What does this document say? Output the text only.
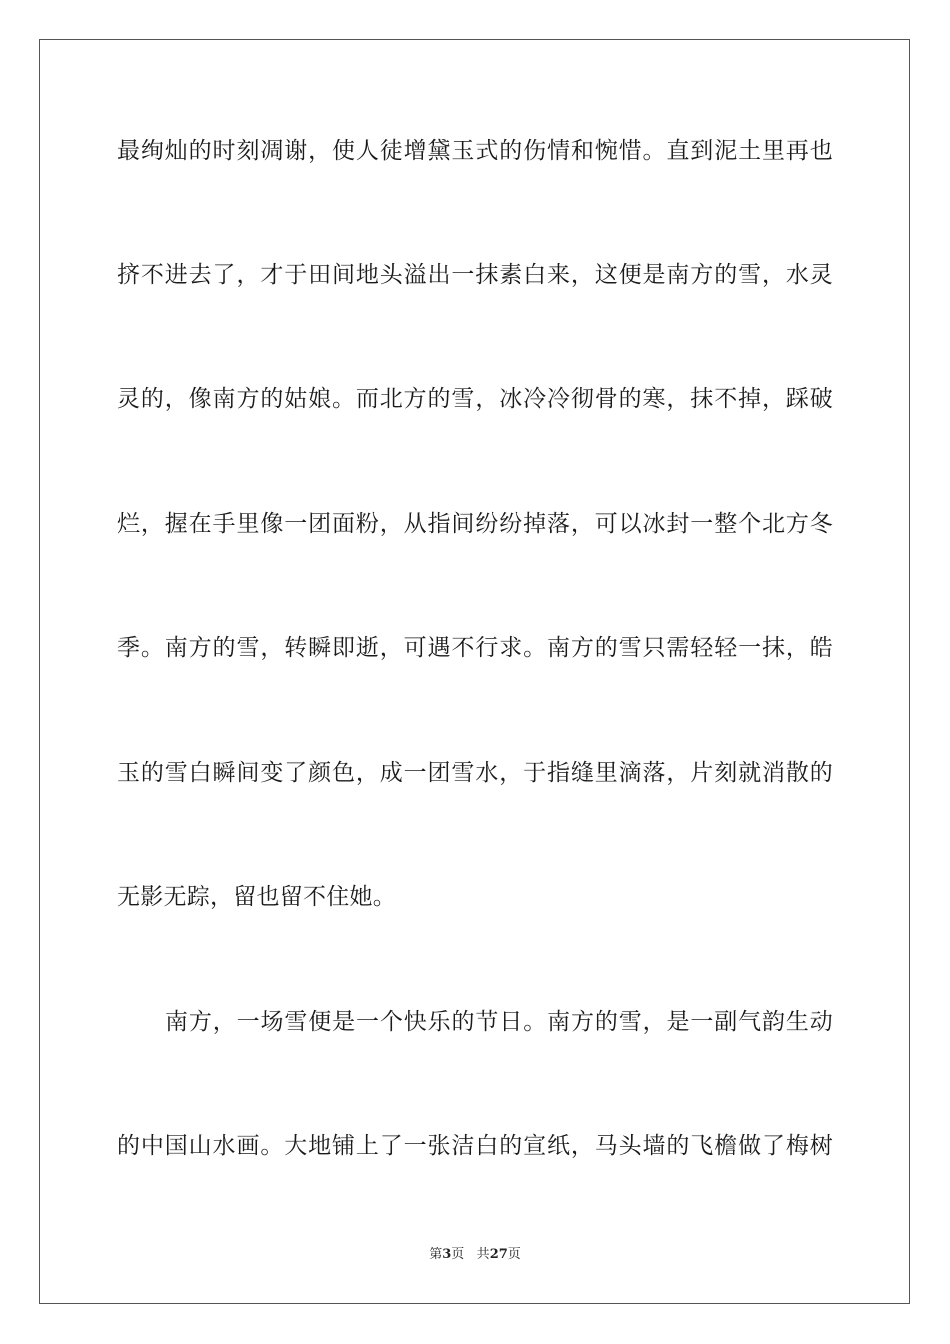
最绚灿的时刻凋谢，使人徒增黛玉式的伤情和惋惜。直到泥土里再也
挤不进去了，才于田间地头溢出一抹素白来，这便是南方的雪，水灵
灵的，像南方的姑娘。而北方的雪，冰冷冷彻骨的寒，抹不掉，踩破
烂，握在手里像一团面粉，从指间纷纷掉落，可以冰封一整个北方冬
季。南方的雪，转瞬即逝，可遇不行求。南方的雪只需轻轻一抹，皓
玉的雪白瞬间变了颜色，成一团雪水，于指缝里滴落，片刻就消散的
无影无踪，留也留不住她。
南方，一场雪便是一个快乐的节日。南方的雪，是一副气韵生动
的中国山水画。大地铺上了一张洁白的宣纸，马头墙的飞檐做了梅树
第3页 共27页
